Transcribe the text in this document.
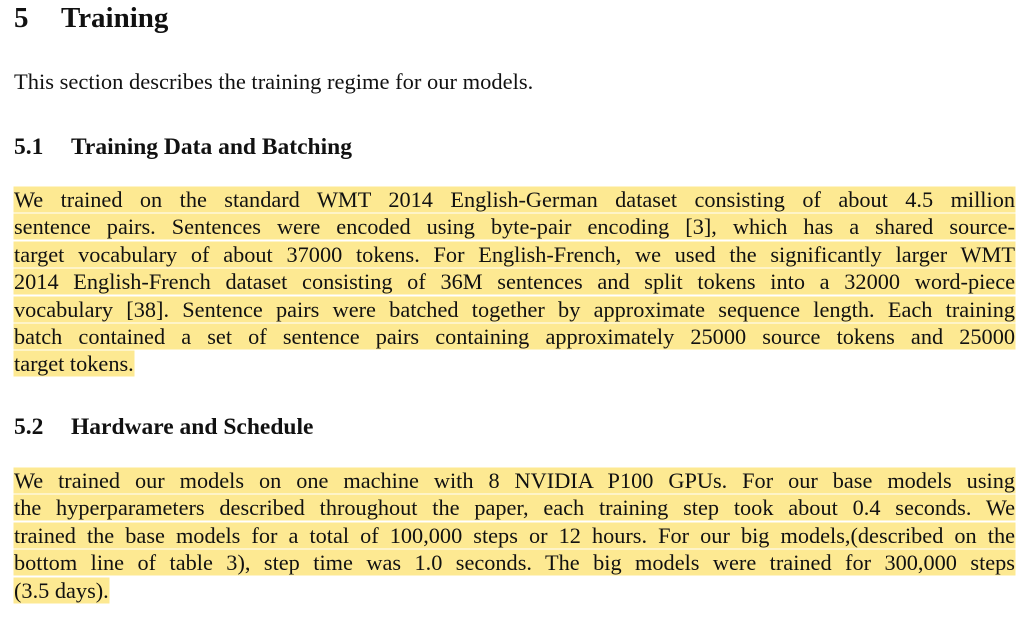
5 Training

This section describes the training regime for our models.

5.1 Training Data and Batching

We trained on the standard WMT 2014 English-German dataset consisting of about 4.5 million
sentence pairs. Sentences were encoded using byte-pair encoding [3], which has a shared source-
target vocabulary of about 37000 tokens. For English-French, we used the significantly larger WMT
2014 English-French dataset consisting of 36M sentences and split tokens into a 32000 word-piece
vocabulary [38]. Sentence pairs were batched together by approximate sequence length. Each training
batch contained a set of sentence pairs containing approximately 25000 source tokens and 25000
target tokens.

5.2 Hardware and Schedule

We trained our models on one machine with 8 NVIDIA P100 GPUs. For our base models using
the hyperparameters described throughout the paper, each training step took about 0.4 seconds. We
trained the base models for a total of 100,000 steps or 12 hours. For our big models,(described on the
bottom line of table 3), step time was 1.0 seconds. The big models were trained for 300,000 steps
(3.5 days).
